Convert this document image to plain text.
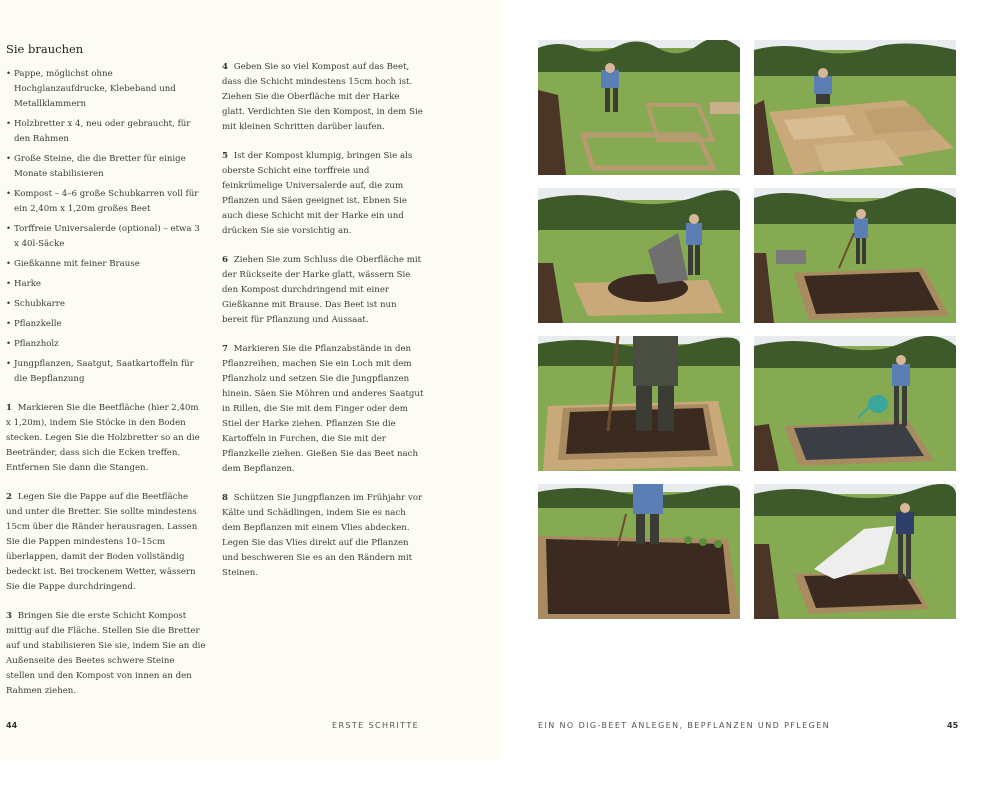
Sie brauchen
• Pappe, möglichst ohne Hochglanzaufdrucke, Klebeband und Metallklammern
• Holzbretter x 4, neu oder gebraucht, für den Rahmen
• Große Steine, die die Bretter für einige Monate stabilisieren
• Kompost – 4–6 große Schubkarren voll für ein 2,40m x 1,20m großes Beet
• Torffreie Universalerde (optional) – etwa 3 x 40l-Säcke
• Gießkanne mit feiner Brause
• Harke
• Schubkarre
• Pflanzkelle
• Pflanzholz
• Jungpflanzen, Saatgut, Saatkartoffeln für die Bepflanzung

1 Markieren Sie die Beetfläche (hier 2,40m x 1,20m), indem Sie Stöcke in den Boden stecken. Legen Sie die Holzbretter so an die Beetränder, dass sich die Ecken treffen. Entfernen Sie dann die Stangen.

2 Legen Sie die Pappe auf die Beetfläche und unter die Bretter. Sie sollte mindestens 15cm über die Ränder herausragen. Lassen Sie die Pappen mindestens 10–15cm überlappen, damit der Boden vollständig bedeckt ist. Bei trockenem Wetter, wässern Sie die Pappe durchdringend.

3 Bringen Sie die erste Schicht Kompost mittig auf die Fläche. Stellen Sie die Bretter auf und stabilisieren Sie sie, indem Sie an die Außenseite des Beetes schwere Steine stellen und den Kompost von innen an den Rahmen ziehen.

4 Geben Sie so viel Kompost auf das Beet, dass die Schicht mindestens 15cm hoch ist. Ziehen Sie die Oberfläche mit der Harke glatt. Verdichten Sie den Kompost, in dem Sie mit kleinen Schritten darüber laufen.

5 Ist der Kompost klumpig, bringen Sie als oberste Schicht eine torffreie und feinkrümelige Universalerde auf, die zum Pflanzen und Säen geeignet ist. Ebnen Sie auch diese Schicht mit der Harke ein und drücken Sie sie vorsichtig an.

6 Ziehen Sie zum Schluss die Oberfläche mit der Rückseite der Harke glatt, wässern Sie den Kompost durchdringend mit einer Gießkanne mit Brause. Das Beet ist nun bereit für Pflanzung und Aussaat.

7 Markieren Sie die Pflanzabstände in den Pflanzreihen, machen Sie ein Loch mit dem Pflanzholz und setzen Sie die Jungpflanzen hinein. Säen Sie Möhren und anderes Saatgut in Rillen, die Sie mit dem Finger oder dem Stiel der Harke ziehen. Pflanzen Sie die Kartoffeln in Furchen, die Sie mit der Pflanzkelle ziehen. Gießen Sie das Beet nach dem Bepflanzen.

8 Schützen Sie Jungpflanzen im Frühjahr vor Kälte und Schädlingen, indem Sie es nach dem Bepflanzen mit einem Vlies abdecken. Legen Sie das Vlies direkt auf die Pflanzen und beschweren Sie es an den Rändern mit Steinen.

44	ERSTE SCHRITTE	EIN NO DIG-BEET ANLEGEN, BEPFLANZEN UND PFLEGEN	45
